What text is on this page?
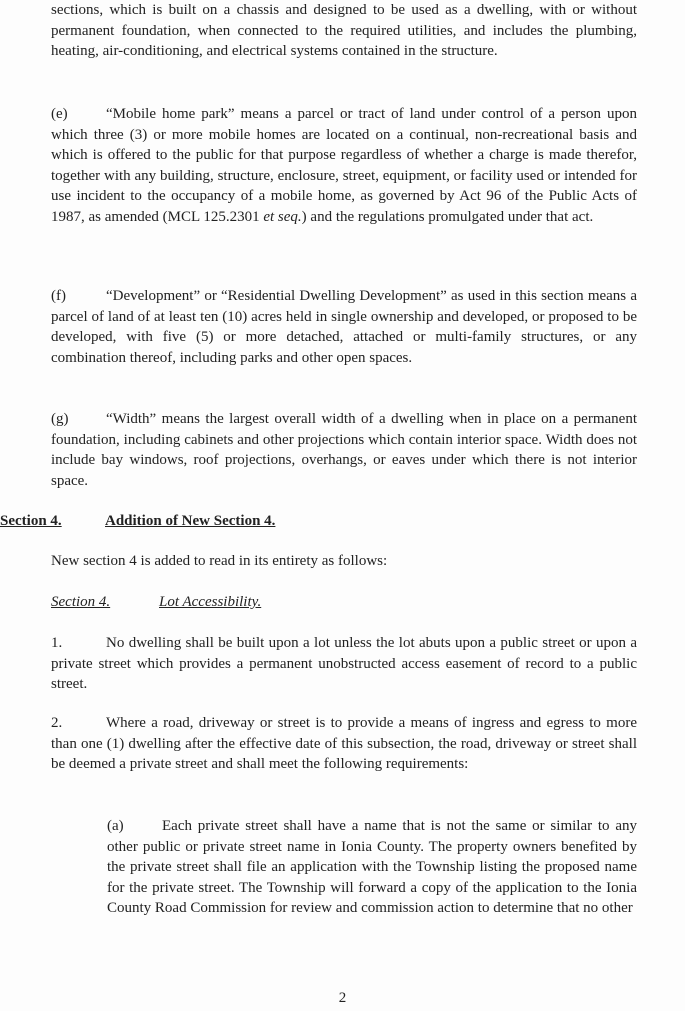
sections, which is built on a chassis and designed to be used as a dwelling, with or without permanent foundation, when connected to the required utilities, and includes the plumbing, heating, air-conditioning, and electrical systems contained in the structure.

(e)	“Mobile home park” means a parcel or tract of land under control of a person upon which three (3) or more mobile homes are located on a continual, non-recreational basis and which is offered to the public for that purpose regardless of whether a charge is made therefor, together with any building, structure, enclosure, street, equipment, or facility used or intended for use incident to the occupancy of a mobile home, as governed by Act 96 of the Public Acts of 1987, as amended (MCL 125.2301 et seq.) and the regulations promulgated under that act.

(f)	“Development” or “Residential Dwelling Development” as used in this section means a parcel of land of at least ten (10) acres held in single ownership and developed, or proposed to be developed, with five (5) or more detached, attached or multi-family structures, or any combination thereof, including parks and other open spaces.

(g)	“Width” means the largest overall width of a dwelling when in place on a permanent foundation, including cabinets and other projections which contain interior space. Width does not include bay windows, roof projections, overhangs, or eaves under which there is not interior space.

Section 4.	Addition of New Section 4.

New section 4 is added to read in its entirety as follows:

Section 4.	Lot Accessibility.

1.	No dwelling shall be built upon a lot unless the lot abuts upon a public street or upon a private street which provides a permanent unobstructed access easement of record to a public street.

2.	Where a road, driveway or street is to provide a means of ingress and egress to more than one (1) dwelling after the effective date of this subsection, the road, driveway or street shall be deemed a private street and shall meet the following requirements:

(a)	Each private street shall have a name that is not the same or similar to any other public or private street name in Ionia County. The property owners benefited by the private street shall file an application with the Township listing the proposed name for the private street. The Township will forward a copy of the application to the Ionia County Road Commission for review and commission action to determine that no other

2
